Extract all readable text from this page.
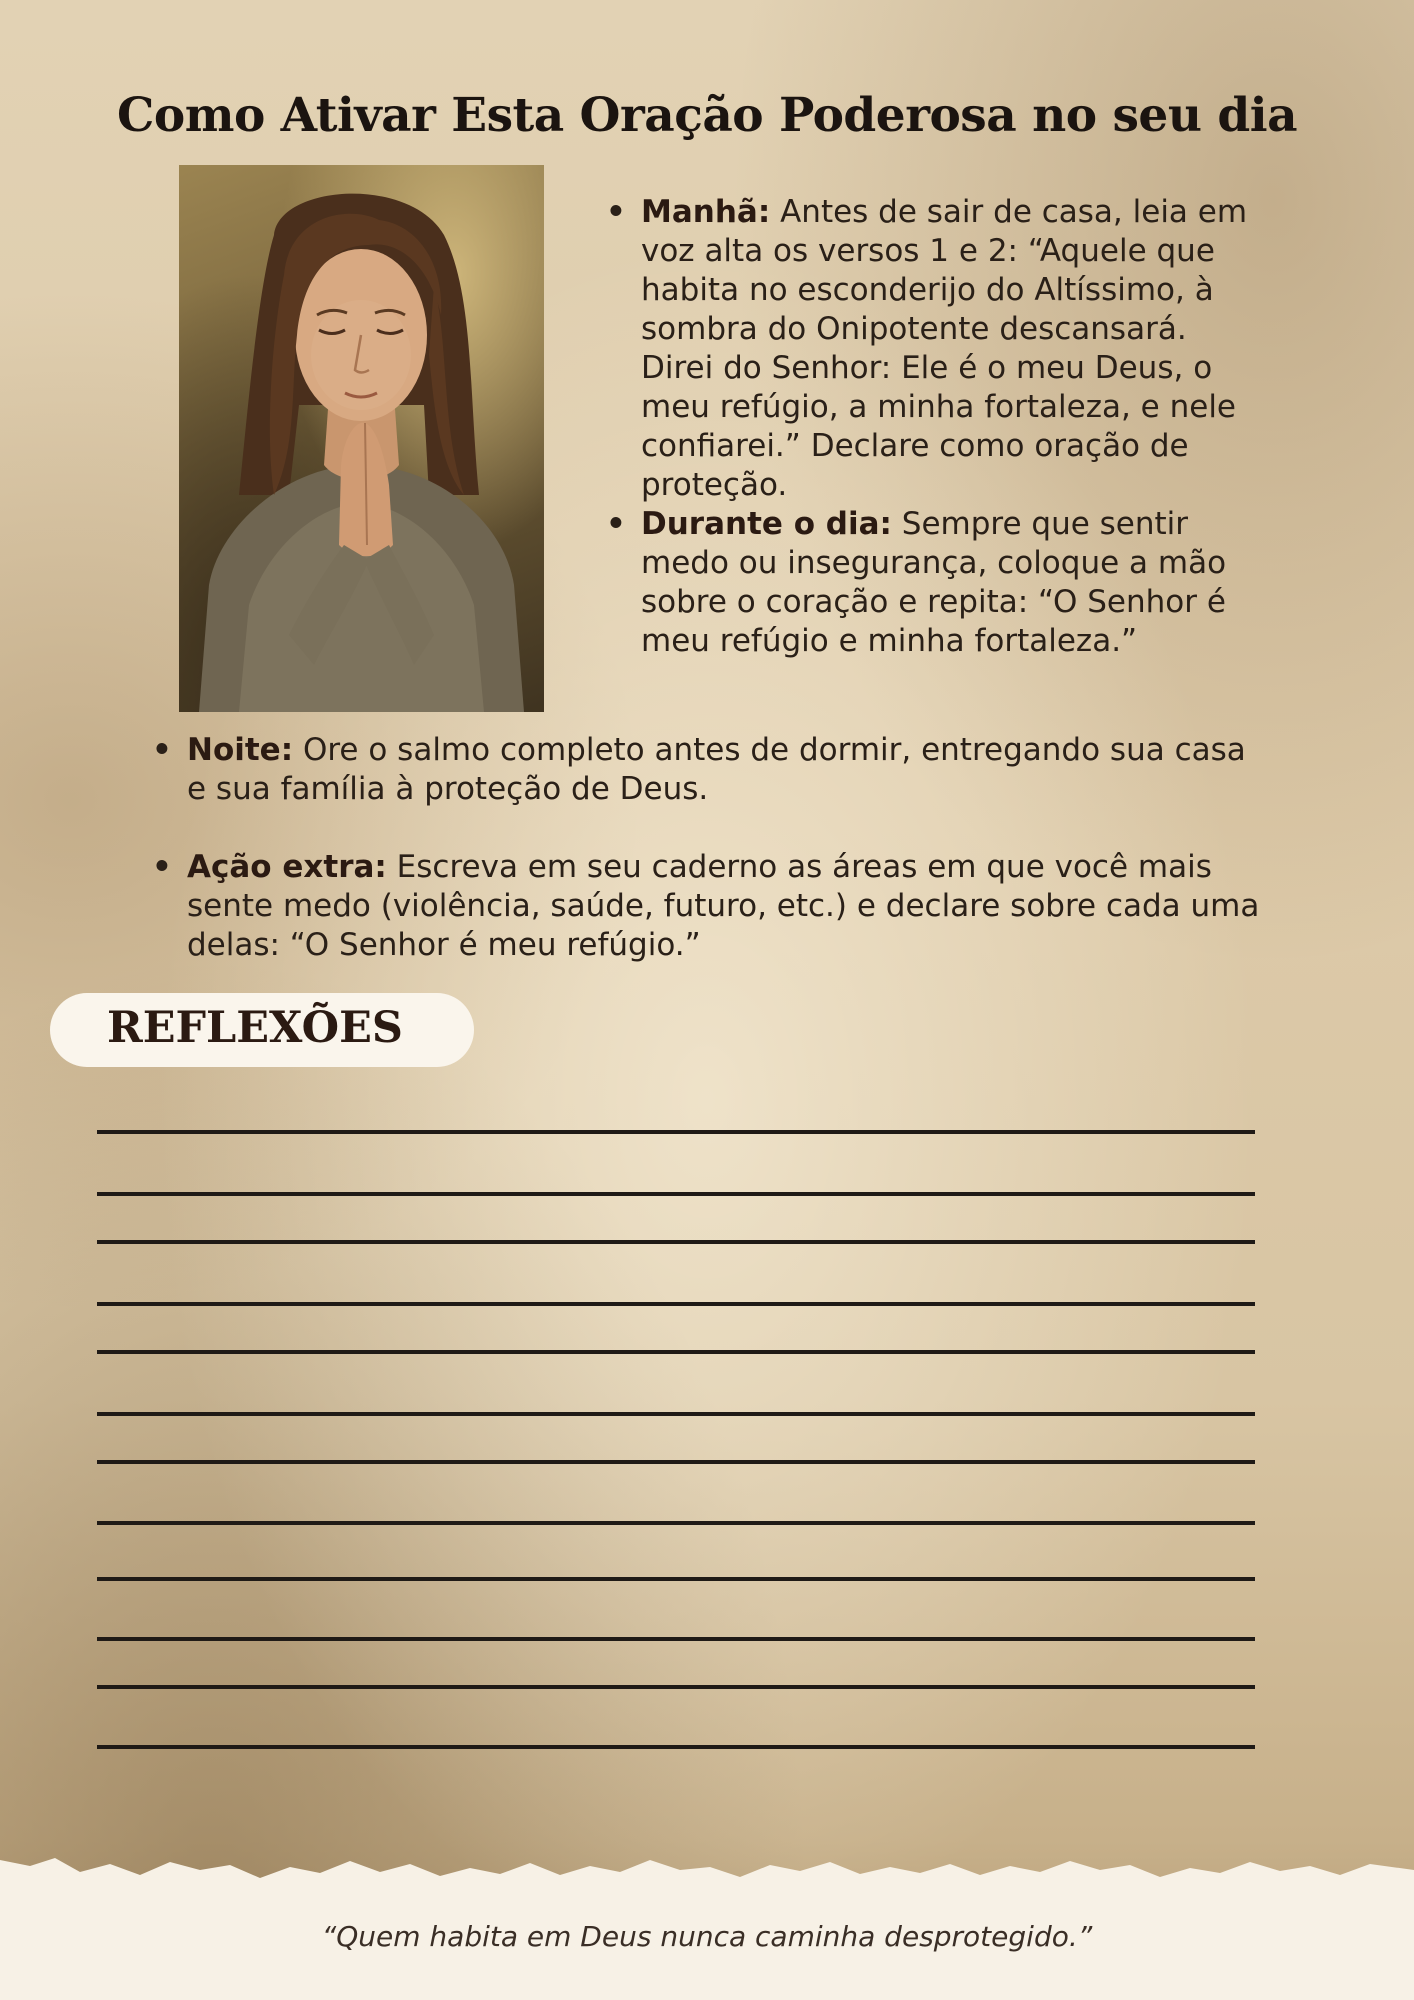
Como Ativar Esta Oração Poderosa no seu dia
• Manhã: Antes de sair de casa, leia em voz alta os versos 1 e 2: “Aquele que habita no esconderijo do Altíssimo, à sombra do Onipotente descansará. Direi do Senhor: Ele é o meu Deus, o meu refúgio, a minha fortaleza, e nele confiarei.” Declare como oração de proteção.
• Durante o dia: Sempre que sentir medo ou insegurança, coloque a mão sobre o coração e repita: “O Senhor é meu refúgio e minha fortaleza.”
• Noite: Ore o salmo completo antes de dormir, entregando sua casa e sua família à proteção de Deus.
• Ação extra: Escreva em seu caderno as áreas em que você mais sente medo (violência, saúde, futuro, etc.) e declare sobre cada uma delas: “O Senhor é meu refúgio.”
REFLEXÕES

“Quem habita em Deus nunca caminha desprotegido.”
